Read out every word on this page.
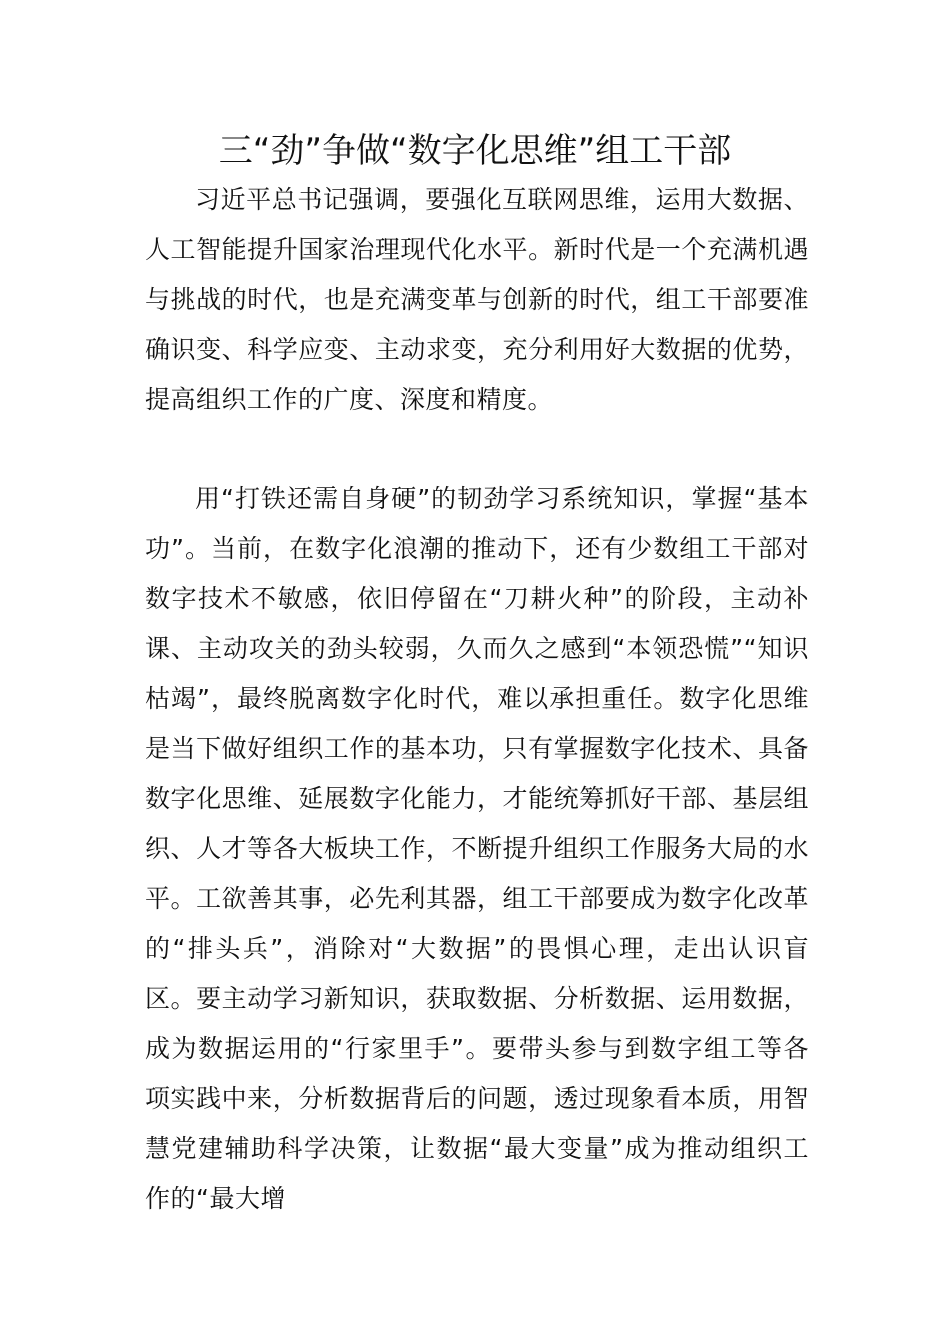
三“劲”争做“数字化思维”组工干部

习近平总书记强调，要强化互联网思维，运用大数据、人工智能提升国家治理现代化水平。新时代是一个充满机遇与挑战的时代，也是充满变革与创新的时代，组工干部要准确识变、科学应变、主动求变，充分利用好大数据的优势，提高组织工作的广度、深度和精度。

用“打铁还需自身硬”的韧劲学习系统知识，掌握“基本功”。当前，在数字化浪潮的推动下，还有少数组工干部对数字技术不敏感，依旧停留在“刀耕火种”的阶段，主动补课、主动攻关的劲头较弱，久而久之感到“本领恐慌”“知识枯竭”，最终脱离数字化时代，难以承担重任。数字化思维是当下做好组织工作的基本功，只有掌握数字化技术、具备数字化思维、延展数字化能力，才能统筹抓好干部、基层组织、人才等各大板块工作，不断提升组织工作服务大局的水平。工欲善其事，必先利其器，组工干部要成为数字化改革的“排头兵”，消除对“大数据”的畏惧心理，走出认识盲区。要主动学习新知识，获取数据、分析数据、运用数据，成为数据运用的“行家里手”。要带头参与到数字组工等各项实践中来，分析数据背后的问题，透过现象看本质，用智慧党建辅助科学决策，让数据“最大变量”成为推动组织工作的“最大增
